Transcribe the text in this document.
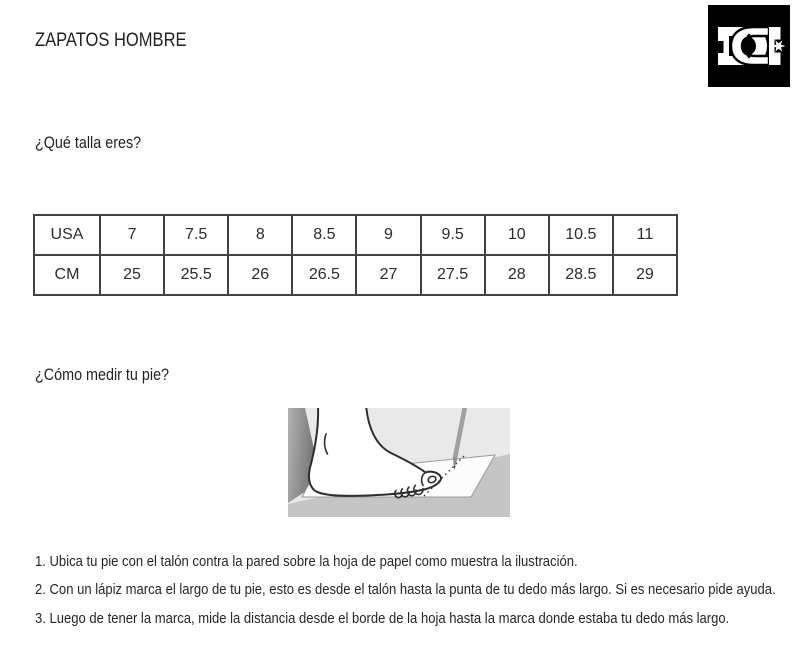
ZAPATOS HOMBRE
¿Qué talla eres?
USA	7	7.5	8	8.5	9	9.5	10	10.5	11
CM	25	25.5	26	26.5	27	27.5	28	28.5	29
¿Cómo medir tu pie?

1. Ubica tu pie con el talón contra la pared sobre la hoja de papel como muestra la ilustración.

2. Con un lápiz marca el largo de tu pie, esto es desde el talón hasta la punta de tu dedo más largo. Si es necesario pide ayuda.

3. Luego de tener la marca, mide la distancia desde el borde de la hoja hasta la marca donde estaba tu dedo más largo.
